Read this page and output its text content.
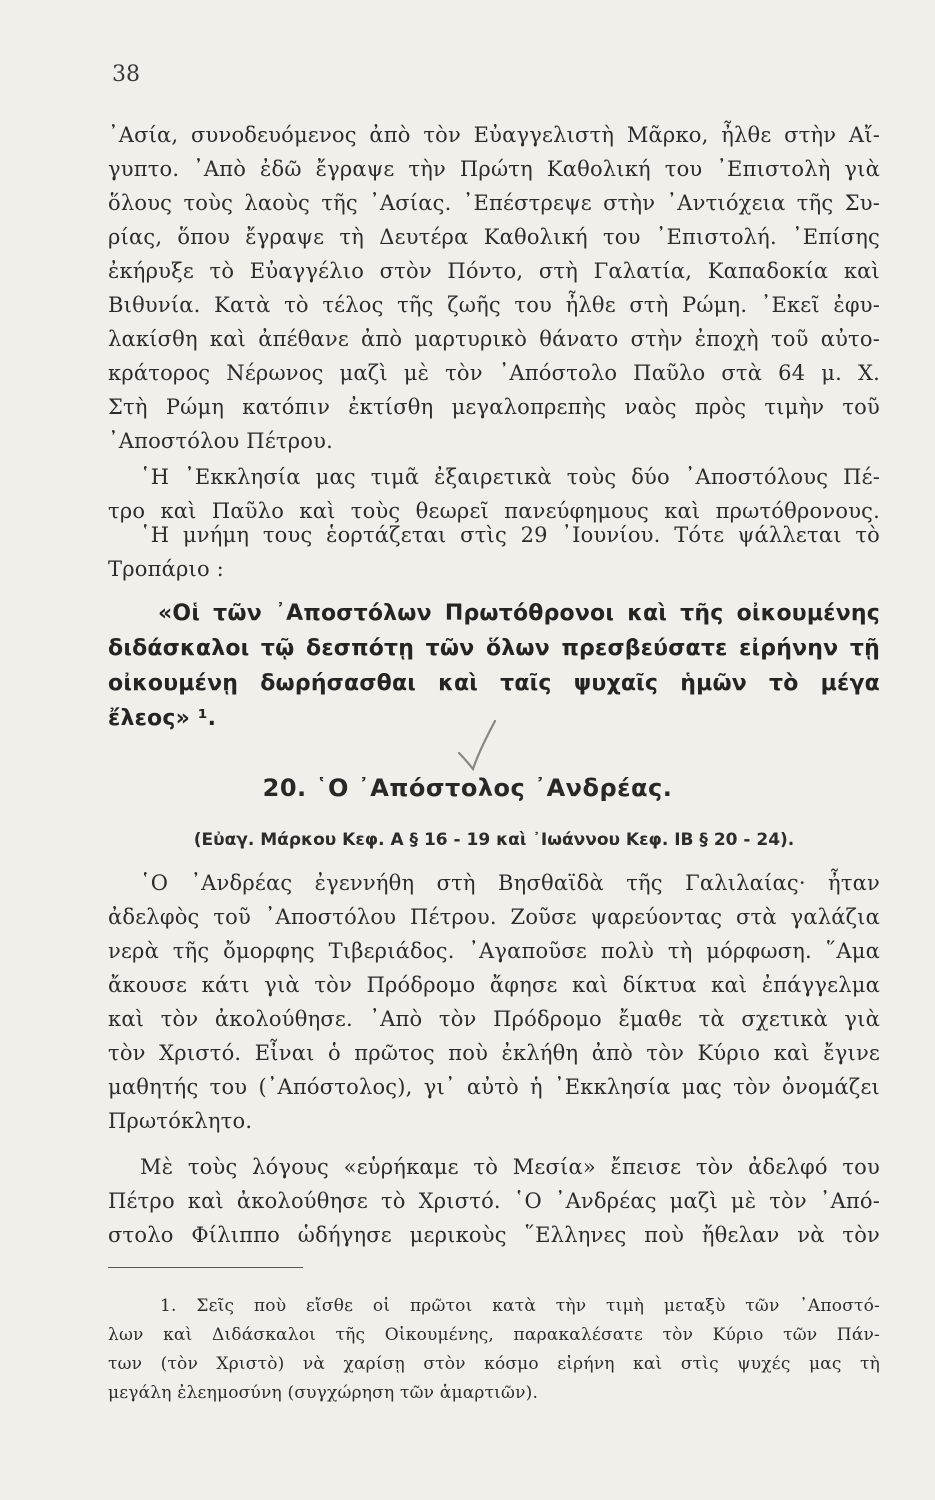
38
᾿Ασία, συνοδευόμενος ἀπὸ τὸν Εὐαγγελιστὴ Μᾶρκο, ἦλθε στὴν Αἴ-
γυπτο. ᾿Απὸ ἐδῶ ἔγραψε τὴν Πρώτη Καθολική του ᾿Επιστολὴ γιὰ
ὅλους τοὺς λαοὺς τῆς ᾿Ασίας. ᾿Επέστρεψε στὴν ᾿Αντιόχεια τῆς Συ-
ρίας, ὅπου ἔγραψε τὴ Δευτέρα Καθολική του ᾿Επιστολή. ᾿Επίσης
ἐκήρυξε τὸ Εὐαγγέλιο στὸν Πόντο, στὴ Γαλατία, Καπαδοκία καὶ
Βιθυνία. Κατὰ τὸ τέλος τῆς ζωῆς του ἦλθε στὴ Ρώμη. ᾿Εκεῖ ἐφυ-
λακίσθη καὶ ἀπέθανε ἀπὸ μαρτυρικὸ θάνατο στὴν ἐποχὴ τοῦ αὐτο-
κράτορος Νέρωνος μαζὶ μὲ τὸν ᾿Απόστολο Παῦλο στὰ 64 μ. Χ.
Στὴ Ρώμη κατόπιν ἐκτίσθη μεγαλοπρεπὴς ναὸς πρὸς τιμὴν τοῦ
᾿Αποστόλου Πέτρου.
῾Η ᾿Εκκλησία μας τιμᾶ ἐξαιρετικὰ τοὺς δύο ᾿Αποστόλους Πέ-
τρο καὶ Παῦλο καὶ τοὺς θεωρεῖ πανεύφημους καὶ πρωτόθρονους.
῾Η μνήμη τους ἑορτάζεται στὶς 29 ᾿Ιουνίου. Τότε ψάλλεται τὸ
Τροπάριο :
«Οἱ τῶν ᾿Αποστόλων Πρωτόθρονοι καὶ τῆς οἰκουμένης
διδάσκαλοι τῷ δεσπότῃ τῶν ὅλων πρεσβεύσατε εἰρήνην τῇ
οἰκουμένῃ δωρήσασθαι καὶ ταῖς ψυχαῖς ἡμῶν τὸ μέγα
ἔλεος» ¹.
20. ῾Ο ᾿Απόστολος ᾿Ανδρέας.
(Εὐαγ. Μάρκου Κεφ. Α § 16 - 19 καὶ ᾿Ιωάννου Κεφ. ΙΒ § 20 - 24).
῾Ο ᾿Ανδρέας ἐγεννήθη στὴ Βησθαϊδὰ τῆς Γαλιλαίας· ἦταν
ἀδελφὸς τοῦ ᾿Αποστόλου Πέτρου. Ζοῦσε ψαρεύοντας στὰ γαλάζια
νερὰ τῆς ὄμορφης Τιβεριάδος. ᾿Αγαποῦσε πολὺ τὴ μόρφωση. ῞Αμα
ἄκουσε κάτι γιὰ τὸν Πρόδρομο ἄφησε καὶ δίκτυα καὶ ἐπάγγελμα
καὶ τὸν ἀκολούθησε. ᾿Απὸ τὸν Πρόδρομο ἔμαθε τὰ σχετικὰ γιὰ
τὸν Χριστό. Εἶναι ὁ πρῶτος ποὺ ἐκλήθη ἀπὸ τὸν Κύριο καὶ ἔγινε
μαθητής του (᾿Απόστολος), γι᾿ αὐτὸ ἡ ᾿Εκκλησία μας τὸν ὀνομάζει
Πρωτόκλητο.
Μὲ τοὺς λόγους «εὑρήκαμε τὸ Μεσία» ἔπεισε τὸν ἀδελφό του
Πέτρο καὶ ἀκολούθησε τὸ Χριστό. ῾Ο ᾿Ανδρέας μαζὶ μὲ τὸν ᾿Από-
στολο Φίλιππο ὡδήγησε μερικοὺς ῞Ελληνες ποὺ ἤθελαν νὰ τὸν
1. Σεῖς ποὺ εἴσθε οἱ πρῶτοι κατὰ τὴν τιμὴ μεταξὺ τῶν ᾿Αποστό-
λων καὶ Διδάσκαλοι τῆς Οἰκουμένης, παρακαλέσατε τὸν Κύριο τῶν Πάν-
των (τὸν Χριστὸ) νὰ χαρίσῃ στὸν κόσμο εἰρήνη καὶ στὶς ψυχές μας τὴ
μεγάλη ἐλεημοσύνη (συγχώρηση τῶν ἁμαρτιῶν).
